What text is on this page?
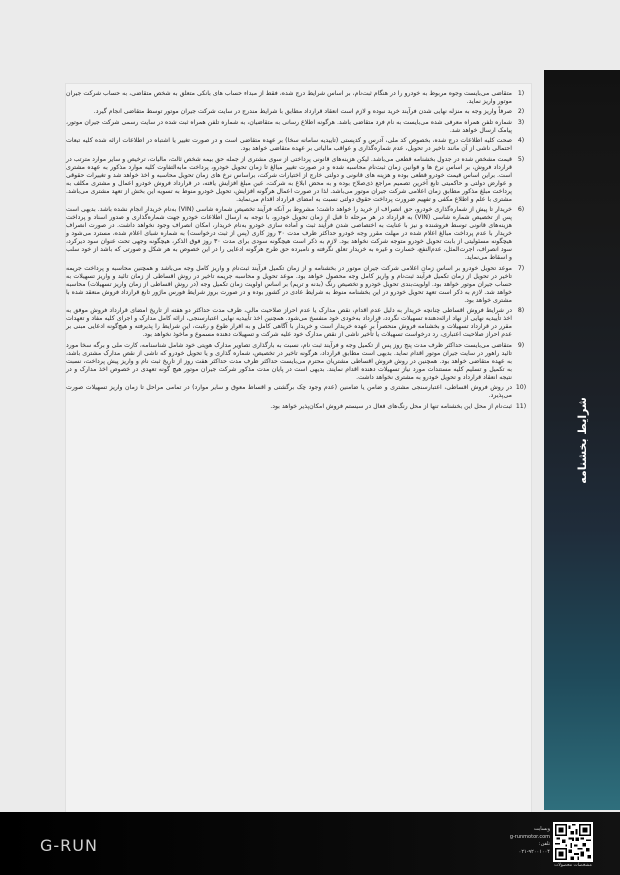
1)
متقاضی می‌بایست وجوه مربوط به خودرو را در هنگام ثبت‌نام، بر اساس شرایط درج شده، فقط از مبداء حساب های بانکی متعلق به شخص متقاضی، به حساب شرکت جیران موتور واریز نماید.
2)
صرفاً واریز وجه به منزله نهایی شدن فرآیند خرید نبوده و لازم است انعقاد قرارداد مطابق با شرایط مندرج در سایت شرکت جیران موتور توسط متقاضی انجام گیرد.
3)
شماره تلفن همراه معرفی شده می‌بایست به نام فرد متقاضی باشد. هرگونه اطلاع رسانی به متقاضیان، به شماره تلفن همراه ثبت شده در سایت رسمی شرکت جیران موتور، پیامک ارسال خواهد شد.
4)
صحت کلیه اطلاعات درج شده، بخصوص کد ملی، آدرس و کدپستی (تاییدیه سامانه سخا) بر عهده متقاضی است و در صورت تغییر یا اشتباه در اطلاعات ارائه شده کلیه تبعات احتمالی ناشی از آن مانند تاخیر در تحویل، عدم شماره‌گذاری و عواقب مالیاتی بر عهده متقاضی خواهد بود.
5)
قیمت مشخص شده در جدول بخشنامه قطعی می‌باشد. لیکن هزینه‌های قانونی پرداختی از سوی مشتری از جمله حق بیمه شخص ثالث، مالیات، ترخیص و سایر موارد مترتب در قرارداد فروش، بر اساس نرخ ها و قوانین زمان ثبت‌نام محاسبه شده و در صورت تغییر مبالغ تا زمان تحویل خودرو، پرداخت مابه‌التفاوت کلیه موارد مذکور به عهده مشتری است. براین اساس قیمت خودرو قطعی بوده و هزینه های قانونی و دولتی خارج از اختیارات شرکت، براساس نرخ های زمان تحویل محاسبه و اخذ خواهد شد و تغییرات حقوقی و عوارض دولتی و حاکمیتی تابع آخرین تصمیم مراجع ذی‌صلاح بوده و به محض ابلاغ به شرکت، عین مبلغ افزایش یافته، در قرارداد فروش خودرو اعمال و مشتری مکلف به پرداخت مبلغ مذکور مطابق زمان اعلامی شرکت جیران موتور می‌باشد. لذا در صورت اعمال هرگونه افزایش، تحویل خودرو منوط به تسویه این بخش از تعهد مشتری می‌باشد. مشتری با علم و اطلاع مکفی و تفهیم ضرورت پرداخت حقوق دولتی نسبت به امضای قرارداد اقدام می‌نماید.
6)
خریدار تا پیش از شماره‌گذاری خودرو، حق انصراف از خرید را خواهد داشت؛ مشروط بر آنکه فرآیند تخصیص شماره شاسی (VIN) به‌نام خریدار انجام نشده باشد. بدیهی است پس از تخصیص شماره شاسی (VIN) به قرارداد در هر مرحله تا قبل از زمان تحویل خودرو، با توجه به ارسال اطلاعات خودرو جهت شماره‌گذاری و صدور اسناد و پرداخت هزینه‌های قانونی توسط فروشنده و نیز با عنایت به اختصاصی شدن فرآیند ثبت و آماده سازی خودرو به‌نام خریدار، امکان انصراف وجود نخواهد داشت. در صورت انصراف خریدار با عدم پرداخت مبالغ اعلام شده در مهلت مقرر وجه خودرو حداکثر ظرف مدت ۳۰ روز کاری (پس از ثبت درخواست) به شماره شبای اعلام شده، مسترد می‌شود و هیچگونه مسئولیتی از بابت تحویل خودرو متوجه شرکت نخواهد بود. لازم به ذکر است هیچگونه سودی برای مدت ۳۰ روز فوق الذکر، هیچگونه وجهی تحت عنوان سود دیرکرد، سود انصراف، اجرت‌المثل، عدم‌النفع، خسارت و غیره به خریدار تعلق نگرفته و نامبرده حق طرح هرگونه ادعایی را در این خصوص به هر شکل و صورتی که باشد از خود سلب و اسقاط می‌نماید.
7)
موعد تحویل خودرو بر اساس زمان اعلامی شرکت جیران موتور در بخشنامه و از زمان تکمیل فرآیند ثبت‌نام و واریز کامل وجه می‌باشد و همچنین محاسبه و پرداخت جریمه تاخیر در تحویل از زمان تکمیل فرآیند ثبت‌نام و واریز کامل وجه محصول خواهد بود. موعد تحویل و محاسبه جریمه تاخیر در روش اقساطی از زمان تائید و واریز تسهیلات به حساب جیران موتور خواهد بود. اولویت‌بندی تحویل خودرو و تخصیص رنگ (بدنه و تریم) بر اساس اولویت زمان تکمیل وجه (در روش اقساطی از زمان واریز تسهیلات) محاسبه خواهد شد. لازم به ذکر است تعهد تحویل خودرو در این بخشنامه منوط به شرایط عادی در کشور بوده و در صورت بروز شرایط فورس ماژور تابع قرارداد فروش منعقد شده با مشتری خواهد بود.
8)
در شرایط فروش اقساطی چنانچه خریدار به دلیل عدم اقدام، نقص مدارک یا عدم احراز صلاحیت مالی، ظرف مدت حداکثر دو هفته از تاریخ امضای قرارداد فروش موفق به اخذ تأییدیه نهایی از نهاد ارائه‌دهنده تسهیلات نگردد، قرارداد به‌خودی خود منفسخ می‌شود. همچنین اخذ تأییدیه نهایی اعتبارسنجی، ارائه کامل مدارک و اجرای کلیه مفاد و تعهدات مقرر در قرارداد تسهیلات و بخشنامه فروش منحصراً بر عهده خریدار است و خریدار با آگاهی کامل و به اقرار طوع و رغبت، این شرایط را پذیرفته و هیچ‌گونه ادعایی مبنی بر عدم احراز صلاحیت اعتباری، رد درخواست تسهیلات یا تأخیر ناشی از نقص مدارک خود علیه شرکت و تسهیلات دهنده مسموع و مأخوذ نخواهد بود.
9)
متقاضی می‌بایست حداکثر ظرف مدت پنج روز پس از تکمیل وجه و فرآیند ثبت نام، نسبت به بارگذاری تصاویر مدارک هویتی خود شامل شناسنامه، کارت ملی و برگه سخا مورد تائید راهور در سایت جیران موتور اقدام نماید. بدیهی است مطابق قرارداد، هرگونه تاخیر در تخصیص، شماره گذاری و یا تحویل خودرو که ناشی از نقص مدارک مشتری باشد، به عهده متقاضی خواهد بود. همچنین در روش فروش اقساطی مشتریان محترم می‌بایست حداکثر ظرف مدت حداکثر هفت روز از تاریخ ثبت نام و واریز پیش پرداخت، نسبت به تکمیل و تسلیم کلیه مستندات مورد نیاز تسهیلات دهنده اقدام نمایند. بدیهی است در پایان مدت مذکور شرکت جیران موتور هیچ گونه تعهدی در خصوص اخذ مدارک و در نتیجه انعقاد قرارداد و تحویل خودرو به مشتری نخواهد داشت.
10)
در روش فروش اقساطی، اعتبارسنجی مشتری و ضامن یا ضامنین (عدم وجود چک برگشتی و اقساط معوق و سایر موارد) در تمامی مراحل تا زمان واریز تسهیلات صورت می‌پذیرد.
11)
ثبت‌نام از محل این بخشنامه تنها از محل رنگ‌های فعال در سیستم فروش امکان‌پذیر خواهد بود.	شرایط بخشنامه
G-RUN
وبسایت
g-runmotor.com
تلفن:
۰۲۱-۹۲۰۰۱۰۰۴
مشخصات محصولات
